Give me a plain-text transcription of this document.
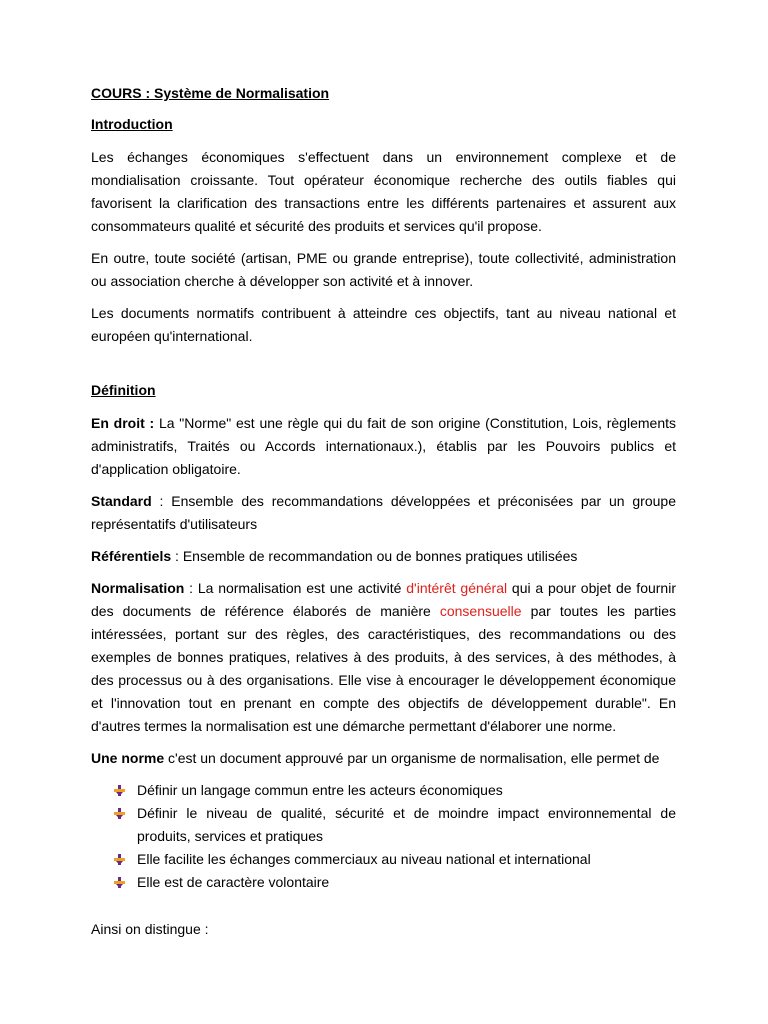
COURS : Système de Normalisation
Introduction

Les échanges économiques s'effectuent dans un environnement complexe et de mondialisation croissante. Tout opérateur économique recherche des outils fiables qui favorisent la clarification des transactions entre les différents partenaires et assurent aux consommateurs qualité et sécurité des produits et services qu'il propose.

En outre, toute société (artisan, PME ou grande entreprise), toute collectivité, administration ou association cherche à développer son activité et à innover.

Les documents normatifs contribuent à atteindre ces objectifs, tant au niveau national et européen qu'international.

Définition

En droit : La "Norme" est une règle qui du fait de son origine (Constitution, Lois, règlements administratifs, Traités ou Accords internationaux.), établis par les Pouvoirs publics et d'application obligatoire.

Standard : Ensemble des recommandations développées et préconisées par un groupe représentatifs d'utilisateurs

Référentiels : Ensemble de recommandation ou de bonnes pratiques utilisées

Normalisation : La normalisation est une activité d'intérêt général qui a pour objet de fournir des documents de référence élaborés de manière consensuelle par toutes les parties intéressées, portant sur des règles, des caractéristiques, des recommandations ou des exemples de bonnes pratiques, relatives à des produits, à des services, à des méthodes, à des processus ou à des organisations. Elle vise à encourager le développement économique et l'innovation tout en prenant en compte des objectifs de développement durable". En d'autres termes la normalisation est une démarche permettant d'élaborer une norme.

Une norme c'est un document approuvé par un organisme de normalisation, elle permet de

Définir un langage commun entre les acteurs économiques
Définir le niveau de qualité, sécurité et de moindre impact environnemental de produits, services et pratiques
Elle facilite les échanges commerciaux au niveau national et international
Elle est de caractère volontaire
Ainsi on distingue :
